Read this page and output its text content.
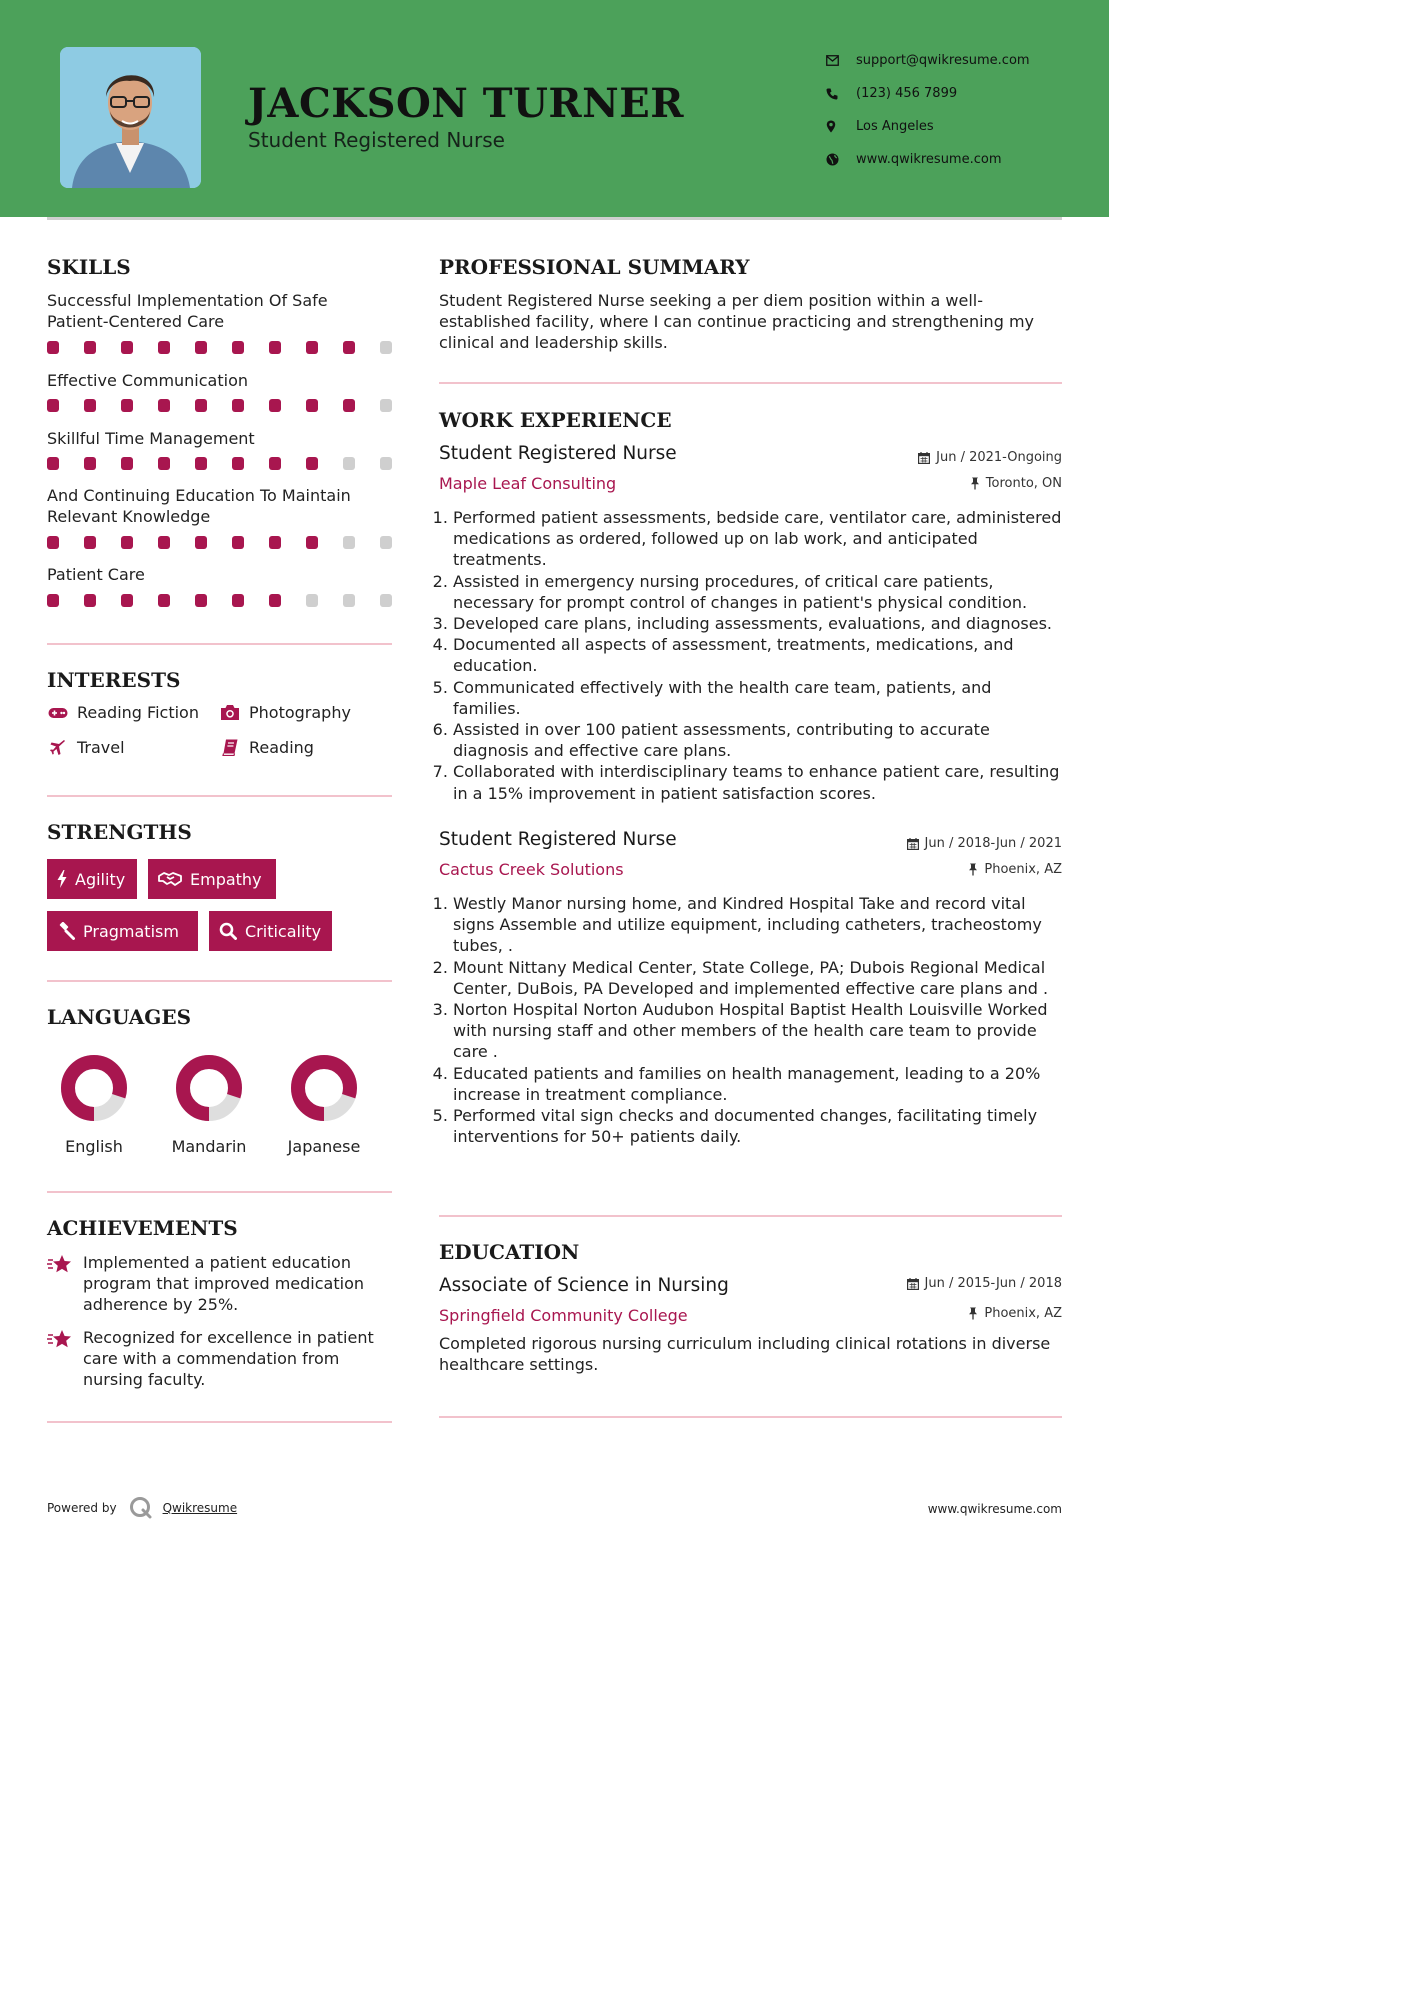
JACKSON TURNER
Student Registered Nurse
support@qwikresume.com
(123) 456 7899
Los Angeles
www.qwikresume.com
SKILLS
Successful Implementation Of Safe Patient-Centered Care
Effective Communication
Skillful Time Management
And Continuing Education To Maintain Relevant Knowledge
Patient Care
INTERESTS
Reading Fiction	Photography
Travel	Reading
STRENGTHS
Agility	Empathy
Pragmatism	Criticality
LANGUAGES
English	Mandarin	Japanese
ACHIEVEMENTS
Implemented a patient education program that improved medication adherence by 25%.
Recognized for excellence in patient care with a commendation from nursing faculty.
PROFESSIONAL SUMMARY
Student Registered Nurse seeking a per diem position within a well-established facility, where I can continue practicing and strengthening my clinical and leadership skills.
WORK EXPERIENCE
Student Registered Nurse	Jun / 2021-Ongoing
Maple Leaf Consulting	Toronto, ON
1. Performed patient assessments, bedside care, ventilator care, administered medications as ordered, followed up on lab work, and anticipated treatments.
2. Assisted in emergency nursing procedures, of critical care patients, necessary for prompt control of changes in patient's physical condition.
3. Developed care plans, including assessments, evaluations, and diagnoses.
4. Documented all aspects of assessment, treatments, medications, and education.
5. Communicated effectively with the health care team, patients, and families.
6. Assisted in over 100 patient assessments, contributing to accurate diagnosis and effective care plans.
7. Collaborated with interdisciplinary teams to enhance patient care, resulting in a 15% improvement in patient satisfaction scores.
Student Registered Nurse	Jun / 2018-Jun / 2021
Cactus Creek Solutions	Phoenix, AZ
1. Westly Manor nursing home, and Kindred Hospital Take and record vital signs Assemble and utilize equipment, including catheters, tracheostomy tubes, .
2. Mount Nittany Medical Center, State College, PA; Dubois Regional Medical Center, DuBois, PA Developed and implemented effective care plans and .
3. Norton Hospital Norton Audubon Hospital Baptist Health Louisville Worked with nursing staff and other members of the health care team to provide care .
4. Educated patients and families on health management, leading to a 20% increase in treatment compliance.
5. Performed vital sign checks and documented changes, facilitating timely interventions for 50+ patients daily.
EDUCATION
Associate of Science in Nursing	Jun / 2015-Jun / 2018
Springfield Community College	Phoenix, AZ
Completed rigorous nursing curriculum including clinical rotations in diverse healthcare settings.
Powered by	Qwikresume	www.qwikresume.com
